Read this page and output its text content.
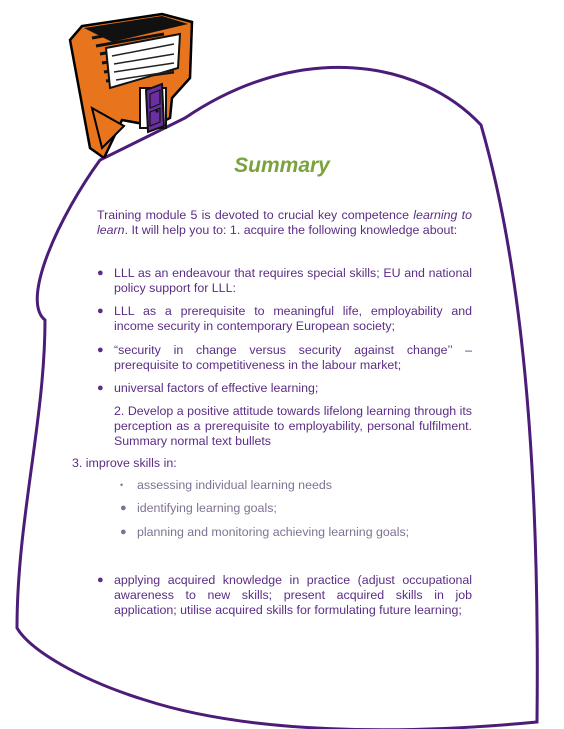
Summary
Training module 5 is devoted to crucial key competence learning to learn. It will help you to: 1. acquire the following knowledge about:
● LLL as an endeavour that requires special skills; EU and national policy support for LLL:
● LLL as a prerequisite to meaningful life, employability and income security in contemporary European society;
● “security in change versus security against change’’ – prerequisite to competitiveness in the labour market;
● universal factors of effective learning;
2. Develop a positive attitude towards lifelong learning through its perception as a prerequisite to employability, personal fulfilment. Summary normal text bullets
3. improve skills in:
• assessing individual learning needs
● identifying learning goals;
● planning and monitoring achieving learning goals;
● applying acquired knowledge in practice (adjust occupational awareness to new skills; present acquired skills in job application; utilise acquired skills for formulating future learning;
